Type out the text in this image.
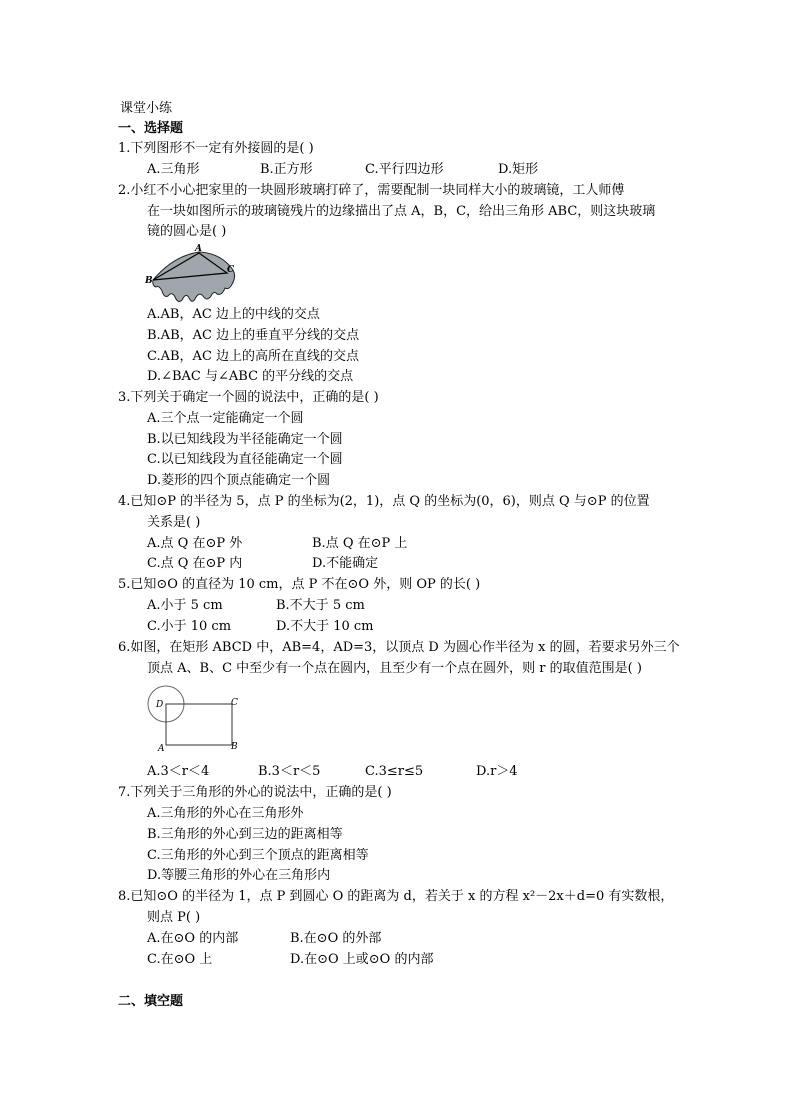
课堂小练
一、选择题
1.下列图形不一定有外接圆的是( )
A.三角形	B.正方形	C.平行四边形	D.矩形
2.小红不小心把家里的一块圆形玻璃打碎了，需要配制一块同样大小的玻璃镜，工人师傅
在一块如图所示的玻璃镜残片的边缘描出了点 A，B，C，给出三角形 ABC，则这块玻璃
镜的圆心是( )
A
B
C
A.AB，AC 边上的中线的交点
B.AB，AC 边上的垂直平分线的交点
C.AB，AC 边上的高所在直线的交点
D.∠BAC 与∠ABC 的平分线的交点
3.下列关于确定一个圆的说法中，正确的是( )
A.三个点一定能确定一个圆
B.以已知线段为半径能确定一个圆
C.以已知线段为直径能确定一个圆
D.菱形的四个顶点能确定一个圆
4.已知⊙P 的半径为 5，点 P 的坐标为(2，1)，点 Q 的坐标为(0，6)，则点 Q 与⊙P 的位置
关系是( )
A.点 Q 在⊙P 外	B.点 Q 在⊙P 上
C.点 Q 在⊙P 内	D.不能确定
5.已知⊙O 的直径为 10 cm，点 P 不在⊙O 外，则 OP 的长( )
A.小于 5 cm	B.不大于 5 cm
C.小于 10 cm	D.不大于 10 cm
6.如图，在矩形 ABCD 中，AB=4，AD=3，以顶点 D 为圆心作半径为 x 的圆，若要求另外三个
顶点 A、B、C 中至少有一个点在圆内，且至少有一个点在圆外，则 r 的取值范围是( )
D	C
A	B
A.3＜r＜4	B.3＜r＜5	C.3≤r≤5	D.r＞4
7.下列关于三角形的外心的说法中，正确的是( )
A.三角形的外心在三角形外
B.三角形的外心到三边的距离相等
C.三角形的外心到三个顶点的距离相等
D.等腰三角形的外心在三角形内
8.已知⊙O 的半径为 1，点 P 到圆心 O 的距离为 d，若关于 x 的方程 x²－2x＋d=0 有实数根，
则点 P( )
A.在⊙O 的内部	B.在⊙O 的外部
C.在⊙O 上	D.在⊙O 上或⊙O 的内部
二、填空题
